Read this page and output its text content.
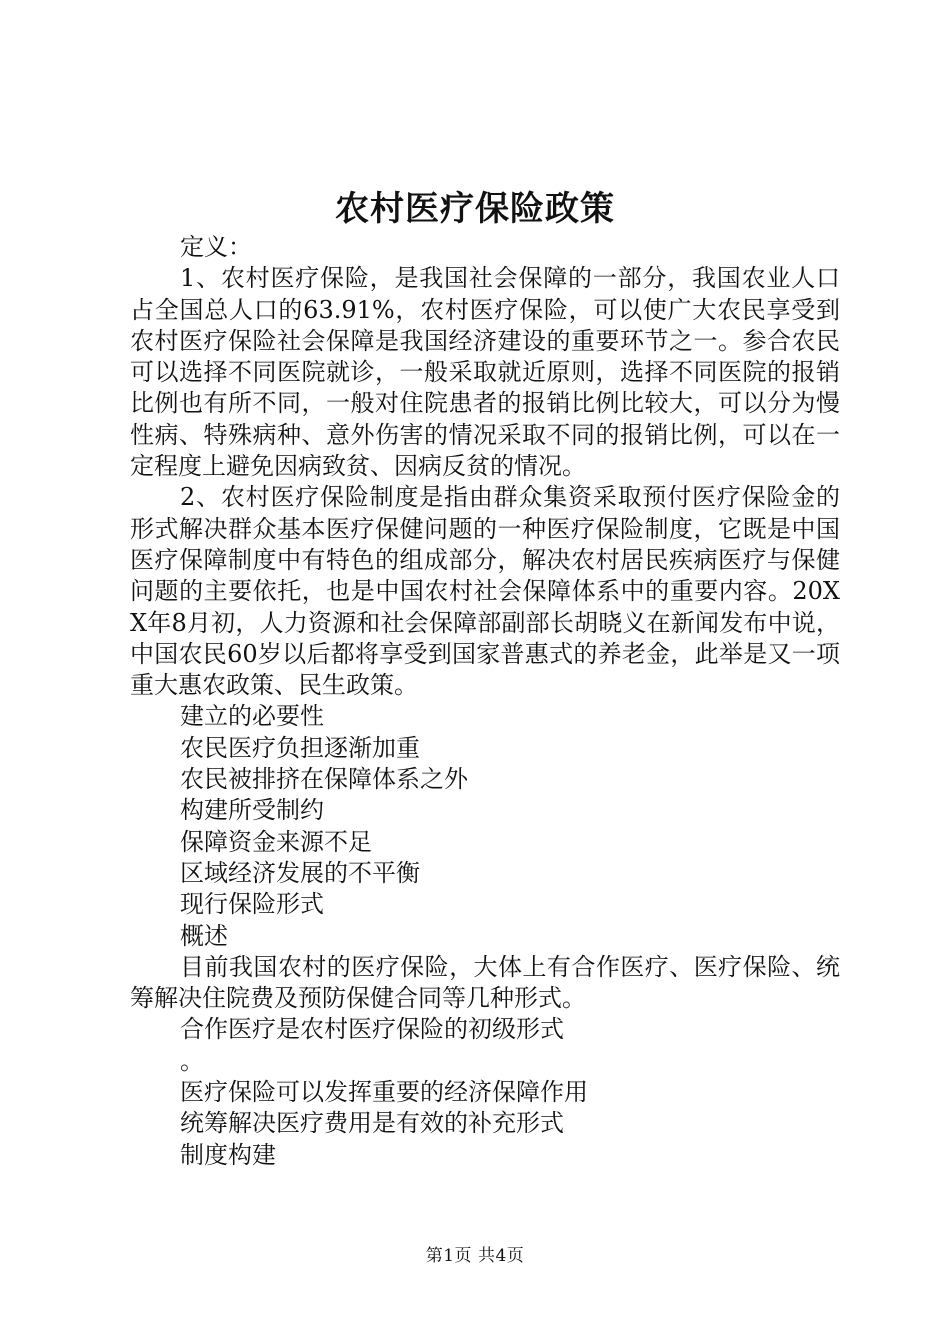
农村医疗保险政策

定义：

1、农村医疗保险，是我国社会保障的一部分，我国农业人口占全国总人口的63.91%，农村医疗保险，可以使广大农民享受到农村医疗保险社会保障是我国经济建设的重要环节之一。参合农民可以选择不同医院就诊，一般采取就近原则，选择不同医院的报销比例也有所不同，一般对住院患者的报销比例比较大，可以分为慢性病、特殊病种、意外伤害的情况采取不同的报销比例，可以在一定程度上避免因病致贫、因病反贫的情况。

2、农村医疗保险制度是指由群众集资采取预付医疗保险金的形式解决群众基本医疗保健问题的一种医疗保险制度，它既是中国医疗保障制度中有特色的组成部分，解决农村居民疾病医疗与保健问题的主要依托，也是中国农村社会保障体系中的重要内容。20XX年8月初，人力资源和社会保障部副部长胡晓义在新闻发布中说，中国农民60岁以后都将享受到国家普惠式的养老金，此举是又一项重大惠农政策、民生政策。

建立的必要性

农民医疗负担逐渐加重

农民被排挤在保障体系之外

构建所受制约

保障资金来源不足

区域经济发展的不平衡

现行保险形式

概述

目前我国农村的医疗保险，大体上有合作医疗、医疗保险、统筹解决住院费及预防保健合同等几种形式。

合作医疗是农村医疗保险的初级形式

。

医疗保险可以发挥重要的经济保障作用

统筹解决医疗费用是有效的补充形式

制度构建

第1页 共4页
